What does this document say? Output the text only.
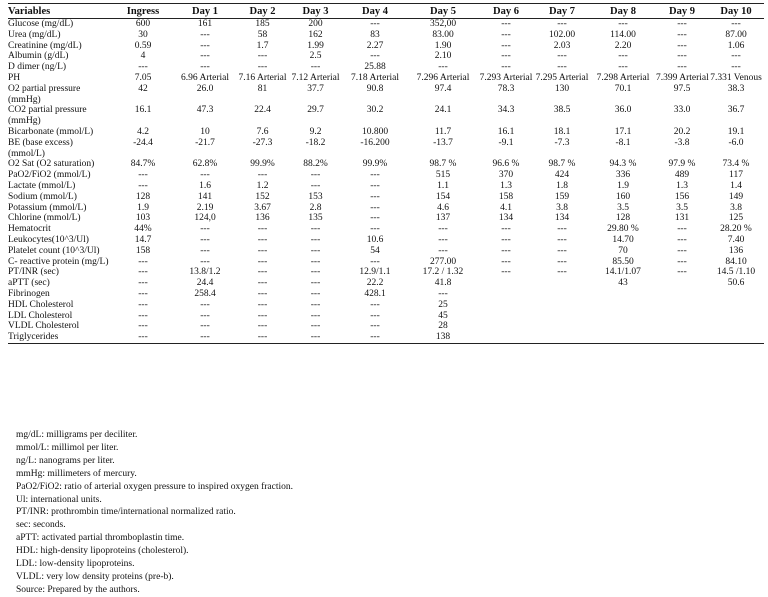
Variables	Ingress	Day 1	Day 2	Day 3	Day 4	Day 5	Day 6	Day 7	Day 8	Day 9	Day 10
Glucose (mg/dL)	600	161	185	200	---	352,00	---	---	---	---	---
Urea (mg/dL)	30	---	58	162	83	83.00	---	102.00	114.00	---	87.00
Creatinine (mg/dL)	0.59	---	1.7	1.99	2.27	1.90	---	2.03	2.20	---	1.06
Albumin (g/dL)	4	---	---	2.5	---	2.10	---	---	---	---	---
D dimer (ng/L)	---	---	---	---	25.88	---	---	---	---	---	---
PH	7.05	6.96 Arterial	7.16 Arterial	7.12 Arterial	7.18 Arterial	7.296 Arterial	7.293 Arterial	7.295 Arterial	7.298 Arterial	7.399 Arterial	7.331 Venous
O2 partial pressure (mmHg)	42	26.0	81	37.7	90.8	97.4	78.3	130	70.1	97.5	38.3
CO2 partial pressure (mmHg)	16.1	47.3	22.4	29.7	30.2	24.1	34.3	38.5	36.0	33.0	36.7
Bicarbonate (mmol/L)	4.2	10	7.6	9.2	10.800	11.7	16.1	18.1	17.1	20.2	19.1
BE (base excess) (mmol/L)	-24.4	-21.7	-27.3	-18.2	-16.200	-13.7	-9.1	-7.3	-8.1	-3.8	-6.0
O2 Sat (O2 saturation)	84.7%	62.8%	99.9%	88.2%	99.9%	98.7 %	96.6 %	98.7 %	94.3 %	97.9 %	73.4 %
PaO2/FiO2 (mmol/L)	---	---	---	---	---	515	370	424	336	489	117
Lactate (mmol/L)	---	1.6	1.2	---	---	1.1	1.3	1.8	1.9	1.3	1.4
Sodium (mmol/L)	128	141	152	153	---	154	158	159	160	156	149
Potassium (mmol/L)	1.9	2.19	3.67	2.8	---	4.6	4.1	3.8	3.5	3.5	3.8
Chlorine (mmol/L)	103	124,0	136	135	---	137	134	134	128	131	125
Hematocrit	44%	---	---	---	---	---	---	---	29.80 %	---	28.20 %
Leukocytes(10^3/Ul)	14.7	---	---	---	10.6	---	---	---	14.70	---	7.40
Platelet count (10^3/Ul)	158	---	---	---	54	---	---	---	70	---	136
C- reactive protein (mg/L)	---	---	---	---	---	277.00	---	---	85.50	---	84.10
PT/INR (sec)	---	13.8/1.2	---	---	12.9/1.1	17.2 / 1.32	---	---	14.1/1.07	---	14.5 /1.10
aPTT (sec)	---	24.4	---	---	22.2	41.8			43		50.6
Fibrinogen	---	258.4	---	---	428.1	---					
HDL Cholesterol	---	---	---	---	---	25					
LDL Cholesterol	---	---	---	---	---	45					
VLDL Cholesterol	---	---	---	---	---	28					
Triglycerides	---	---	---	---	---	138					
mg/dL: milligrams per deciliter.
mmol/L: millimol per liter.
ng/L: nanograms per liter.
mmHg: millimeters of mercury.
PaO2/FiO2: ratio of arterial oxygen pressure to inspired oxygen fraction.
Ul: international units.
PT/INR: prothrombin time/international normalized ratio.
sec: seconds.
aPTT: activated partial thromboplastin time.
HDL: high-density lipoproteins (cholesterol).
LDL: low-density lipoproteins.
VLDL: very low density proteins (pre-b).
Source: Prepared by the authors.
